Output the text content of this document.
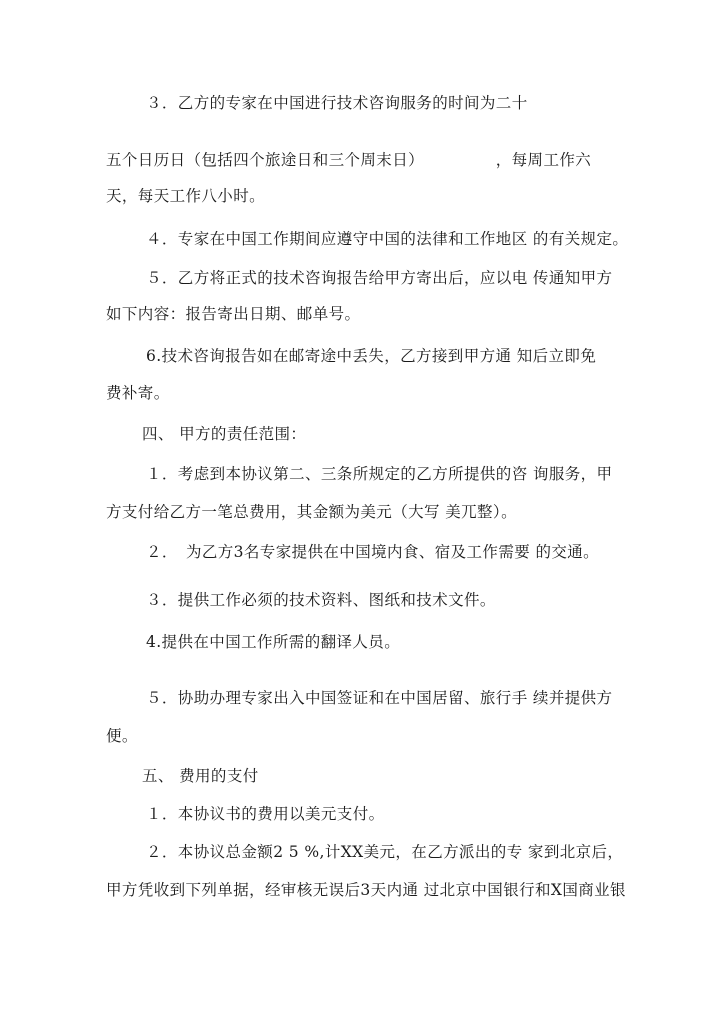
３．乙方的专家在中国进行技术咨询服务的时间为二十
五个日历日（包括四个旅途日和三个周末日）　　　　　，每周工作六
天，每天工作八小时。
４．专家在中国工作期间应遵守中国的法律和工作地区 的有关规定。
５．乙方将正式的技术咨询报告给甲方寄出后，应以电 传通知甲方
如下内容：报告寄出日期、邮单号。
6.技术咨询报告如在邮寄途中丢失，乙方接到甲方通 知后立即免
费补寄。
四、 甲方的责任范围：
１．考虑到本协议第二、三条所规定的乙方所提供的咨 询服务，甲
方支付给乙方一笔总费用，其金额为美元（大写 美兀整）。
２．　为乙方3名专家提供在中国境内食、宿及工作需要 的交通。
３．提供工作必须的技术资料、图纸和技术文件。
4.提供在中国工作所需的翻译人员。
５．协助办理专家出入中国签证和在中国居留、旅行手 续并提供方
便。
五、 费用的支付
１．本协议书的费用以美元支付。
２．本协议总金额2 5 %,计XX美元，在乙方派出的专 家到北京后，
甲方凭收到下列单据，经审核无误后3天内通 过北京中国银行和X国商业银
